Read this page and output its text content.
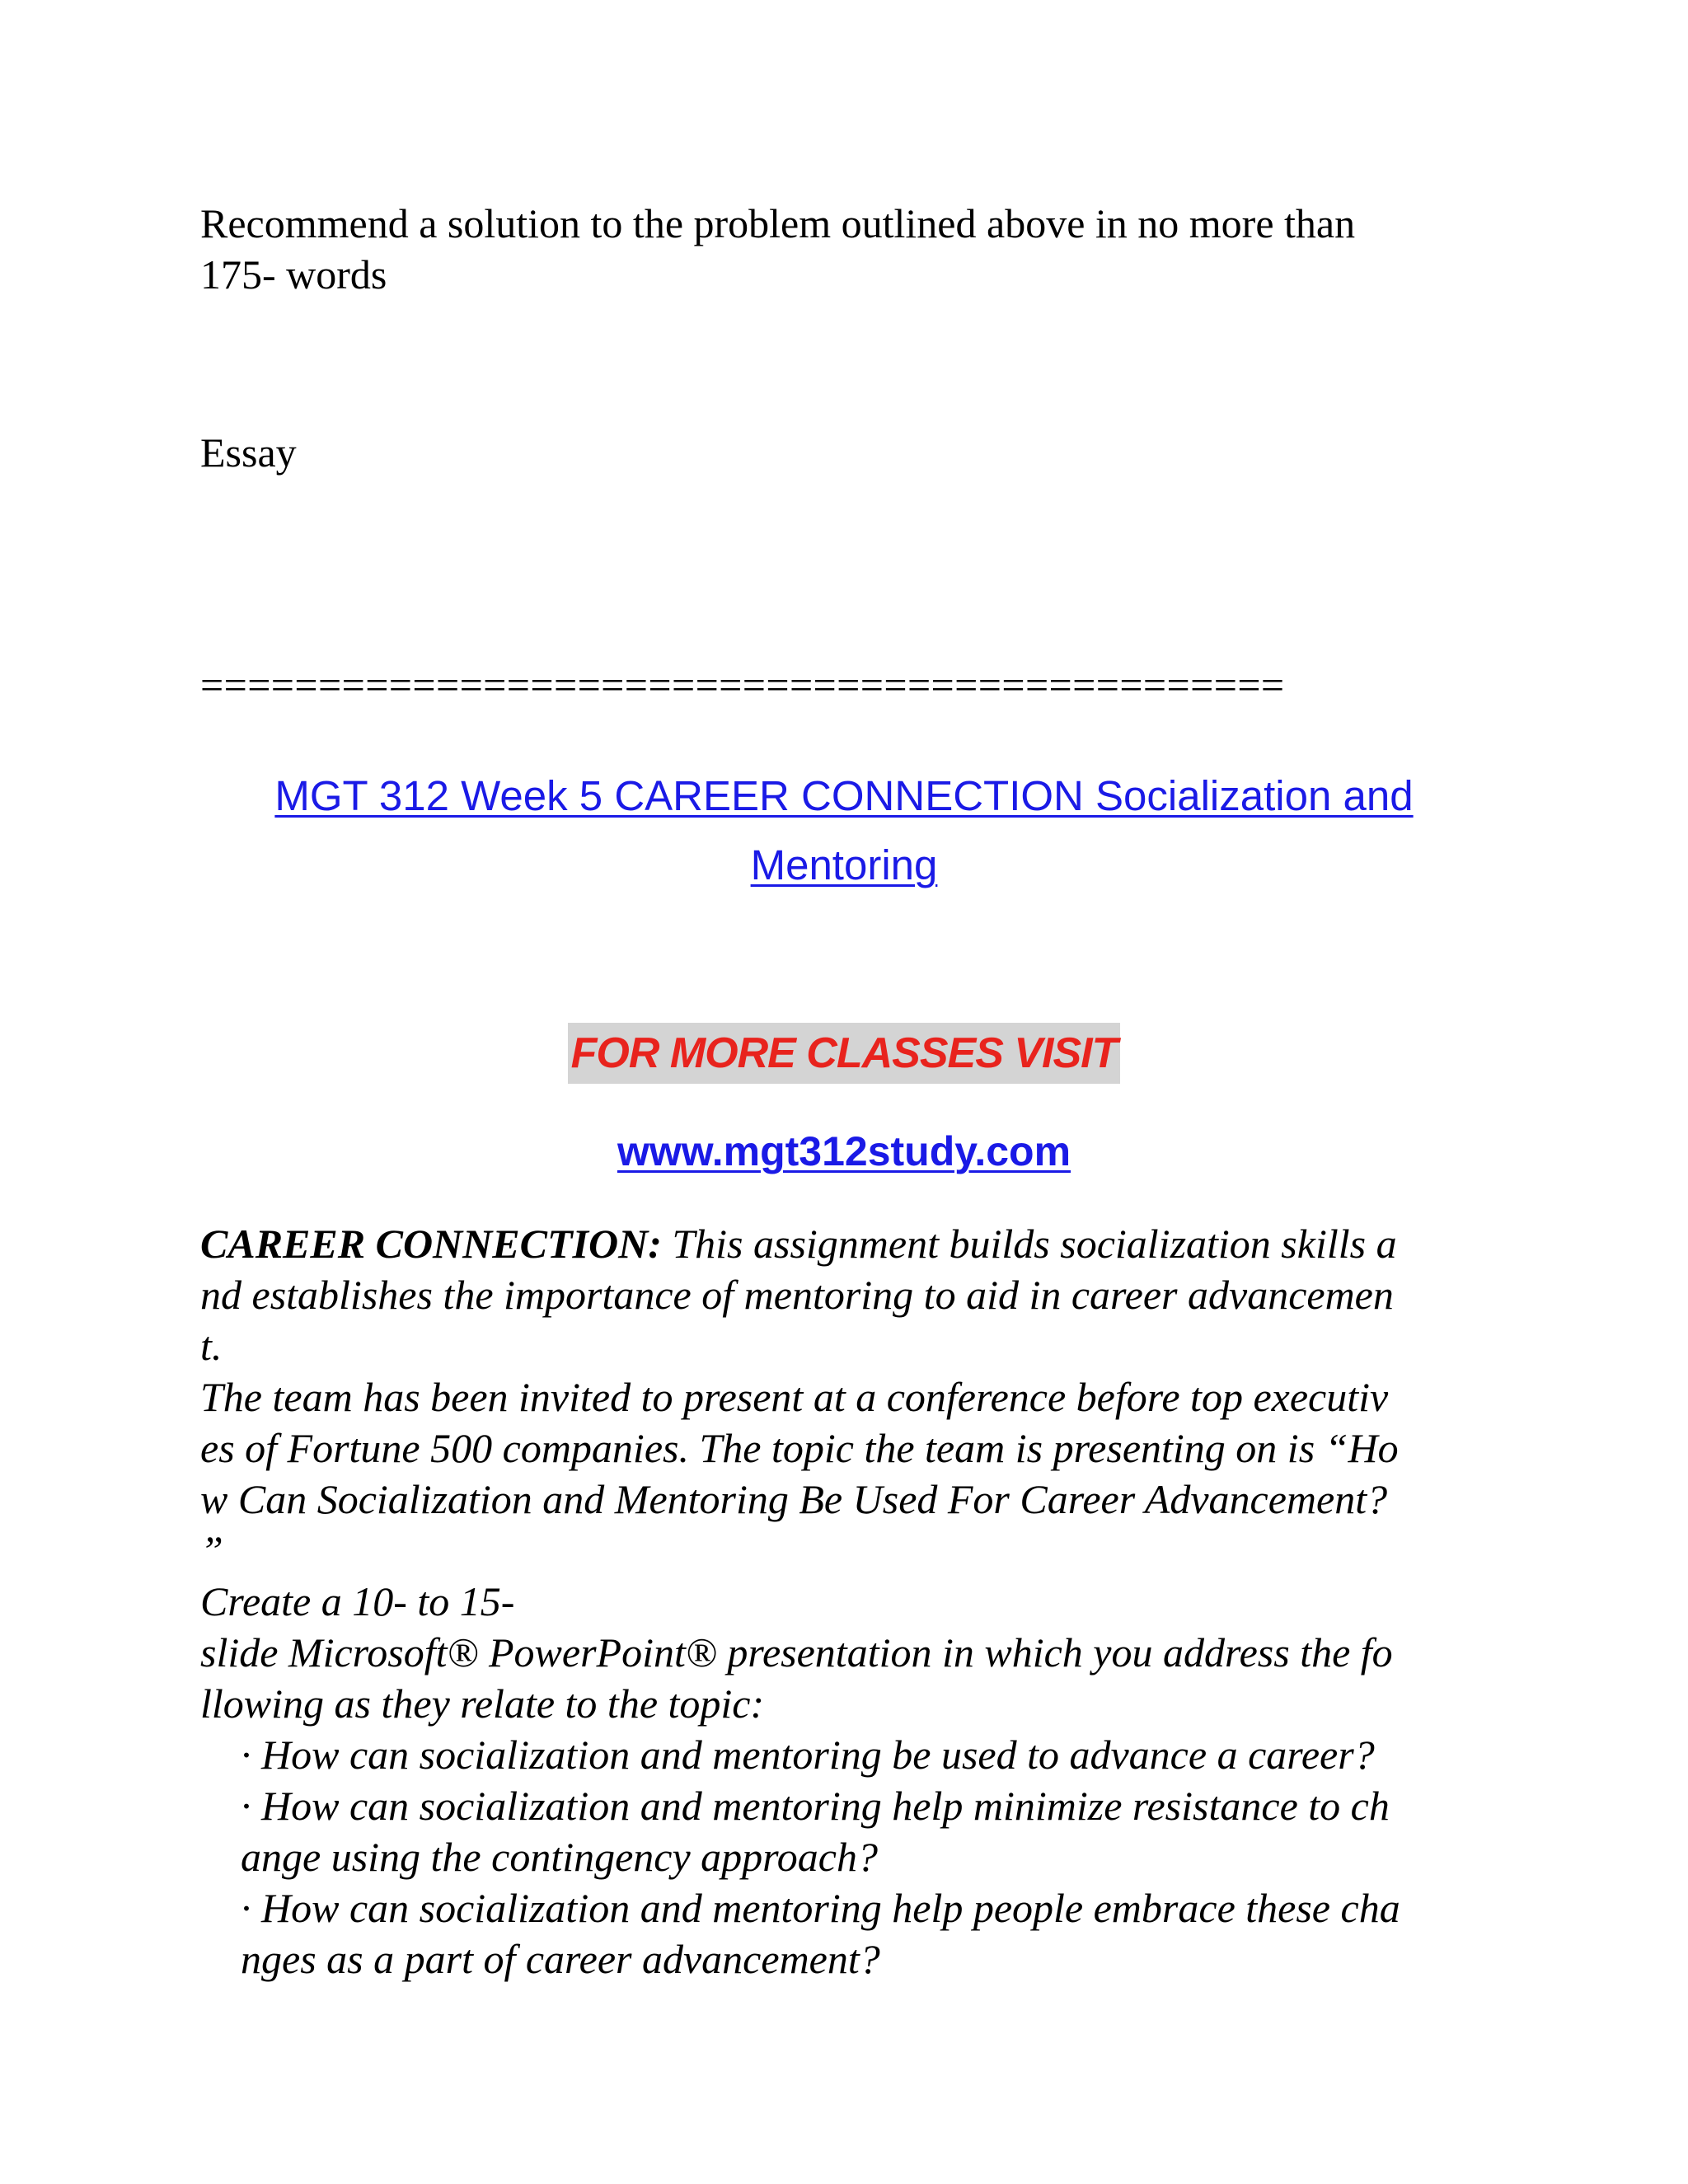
Recommend a solution to the problem outlined above in no more than
175- words

Essay

==============================================

MGT 312 Week 5 CAREER CONNECTION Socialization and
Mentoring
FOR MORE CLASSES VISIT
www.mgt312study.com
CAREER CONNECTION: This assignment builds socialization skills a
nd establishes the importance of mentoring to aid in career advancemen
t.
The team has been invited to present at a conference before top executiv
es of Fortune 500 companies. The topic the team is presenting on is “Ho
w Can Socialization and Mentoring Be Used For Career Advancement?
”
Create a 10- to 15-
slide Microsoft® PowerPoint® presentation in which you address the fo
llowing as they relate to the topic:
· How can socialization and mentoring be used to advance a career?
· How can socialization and mentoring help minimize resistance to ch
ange using the contingency approach?
· How can socialization and mentoring help people embrace these cha
nges as a part of career advancement?
